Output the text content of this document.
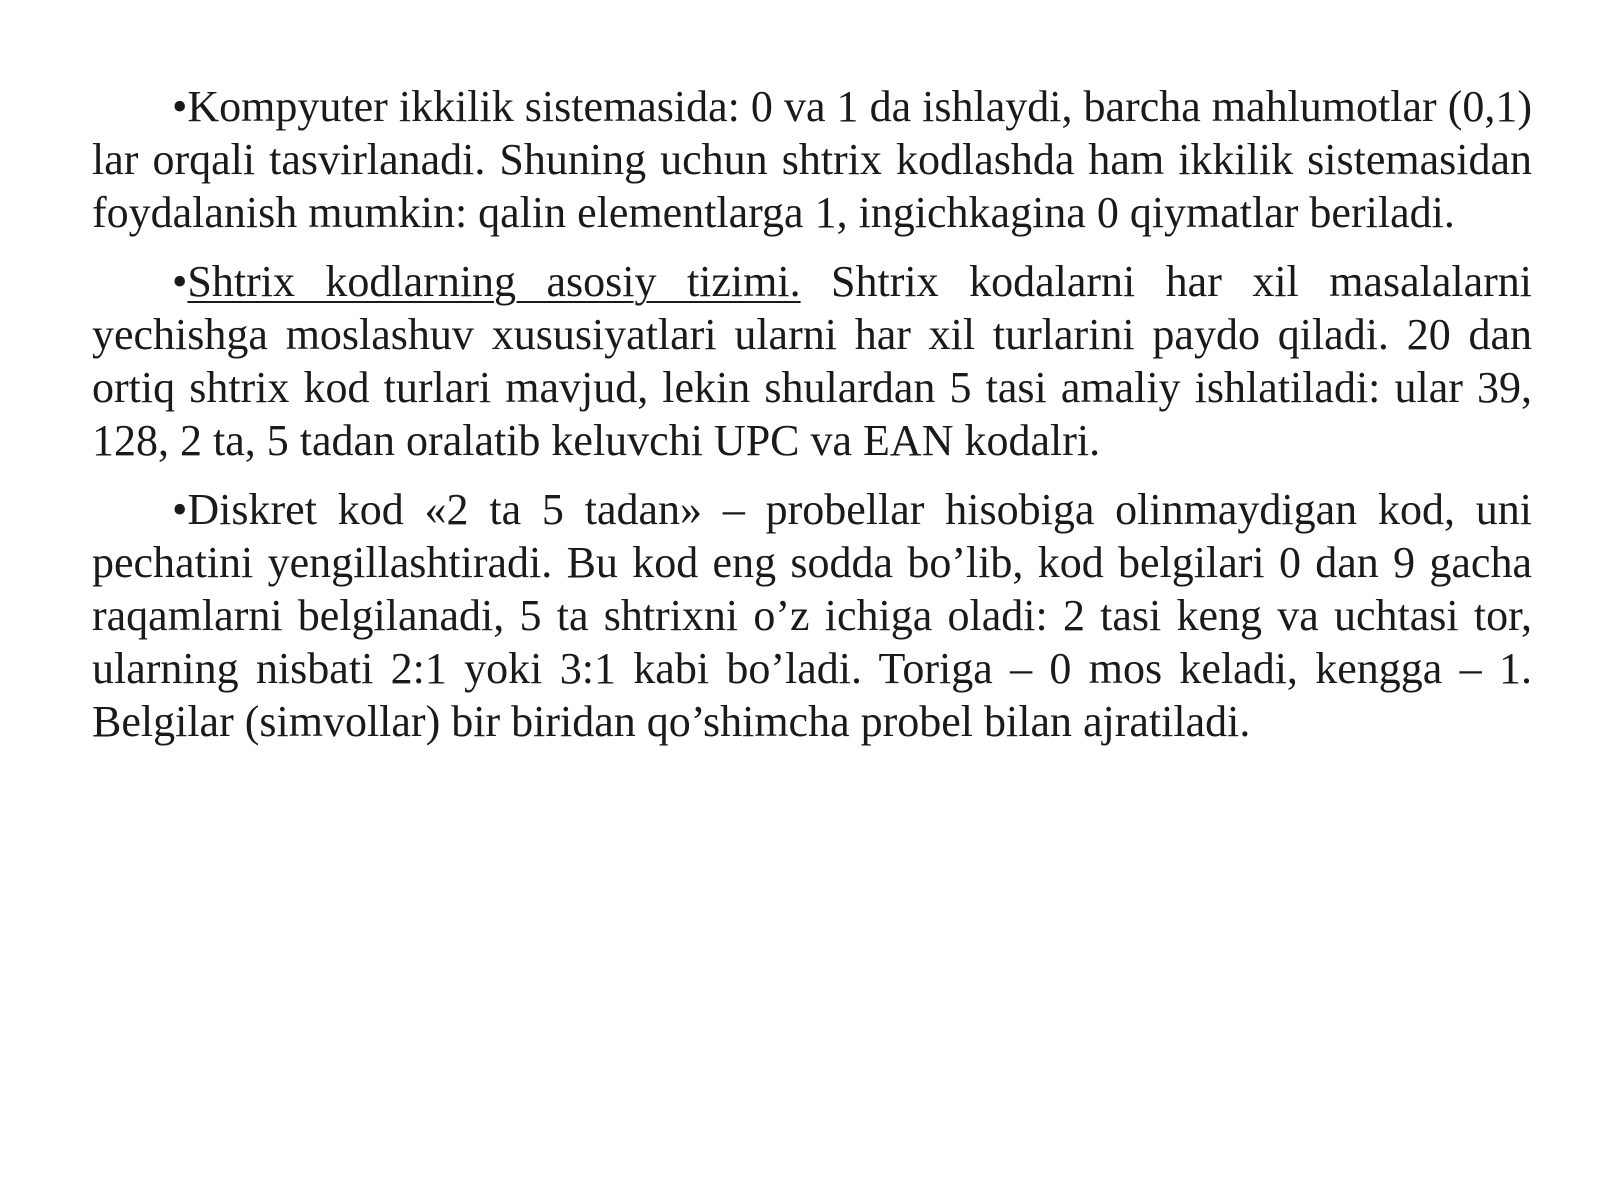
•Kompyuter ikkilik sistemasida: 0 va 1 da ishlaydi, barcha mahlumotlar (0,1) lar orqali tasvirlanadi. Shuning uchun shtrix kodlashda ham ikkilik sistemasidan foydalanish mumkin: qalin elementlarga 1, ingichkagina 0 qiymatlar beriladi.

•Shtrix kodlarning asosiy tizimi. Shtrix kodalarni har xil masalalarni yechishga moslashuv xususiyatlari ularni har xil turlarini paydo qiladi. 20 dan ortiq shtrix kod turlari mavjud, lekin shulardan 5 tasi amaliy ishlatiladi: ular 39, 128, 2 ta, 5 tadan oralatib keluvchi UPC va EAN kodalri.

•Diskret kod «2 ta 5 tadan» – probellar hisobiga olinmaydigan kod, uni pechatini yengillashtiradi. Bu kod eng sodda bo’lib, kod belgilari 0 dan 9 gacha raqamlarni belgilanadi, 5 ta shtrixni o’z ichiga oladi: 2 tasi keng va uchtasi tor, ularning nisbati 2:1 yoki 3:1 kabi bo’ladi. Toriga – 0 mos keladi, kengga – 1. Belgilar (simvollar) bir biridan qo’shimcha probel bilan ajratiladi.
